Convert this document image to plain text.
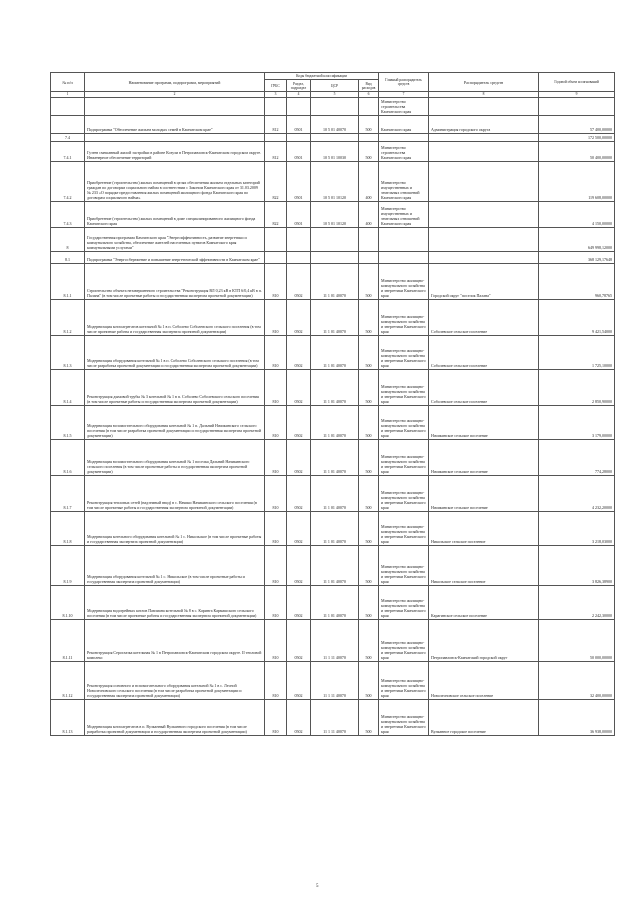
№ п/п	Наименование программ, подпрограмм, мероприятий	Коды бюджетной классификации				Главный распорядитель средств	Распорядитель средств	Годовой объем ассигнований
		ГРБС	Раздел, подраздел	ЦСР	Вид расходов			
1	2	3	4	5	6	7	8	9
						Министерство строительства Камчатского края		
	Подпрограмма "Обеспечение жильем молодых семей в Камчатском крае"	812	0501	10 5 01 40070	500	Камчатского края	Администрация городского округа	57 400,00000
7.4								172 500,00000
7.4.1	Гузеев смешанный жилой застройки в районе Козули в Петропавловск-Камчатском городском округе. Инженерное обеспечение территорий	812	0501	10 5 01 10030	500	Министерство строительства Камчатского края		50 400,00000
7.4.2	Приобретение (строительство) жилых помещений в целях обеспечения жильем отдельных категорий граждан по договорам социального найма в соответствии с Законом Камчатского края от 31.03.2009 № 233 «О порядке предоставления жилых помещений жилищного фонда Камчатского края по договорам социального найма»	822	0501	10 5 01 10120	400	Министерство имущественных и земельных отношений Камчатского края		119 608,00000
7.4.3	Приобретение (строительство) жилых помещений в доме специализированного жилищного фонда Камчатского края	822	0501	10 5 01 10120	400	Министерство имущественных и земельных отношений Камчатского края		4 150,00000
8	Государственная программа Камчатского края "Энергоэффективность, развитие энергетики и коммунального хозяйства, обеспечение жителей населенных пунктов Камчатского края коммунальными услугами"							649 998,12000
8.1	Подпрограмма "Энергосбережение и повышение энергетической эффективности в Камчатском крае"							368 129,17648
8.1.1	Строительство объекта незавершенного строительства "Реконструкция ВЛ 0,23 кВ в КТП 6/0,4 кВ в п. Палана" (в том числе проектные работы и государственная экспертиза проектной документации)	810	0502	11 1 01 40070	500	Министерство жилищно-коммунального хозяйства и энергетики Камчатского края	Городской округ "поселок Палана"	960,78765
8.1.2	Модернизация котлоагрегатов котельной № 1 в п. Соболево Соболевского сельского поселения (в том числе проектные работы и государственная экспертиза проектной документации)	810	0502	11 1 01 40070	500	Министерство жилищно-коммунального хозяйства и энергетики Камчатского края	Соболевское сельское поселение	9 421,54000
8.1.3	Модернизация оборудования котельной № 1 в п. Соболево Соболевского сельского поселения (в том числе разработка проектной документации и государственная экспертиза проектной документации)	810	0502	11 1 01 40070	500	Министерство жилищно-коммунального хозяйства и энергетики Камчатского края	Соболевское сельское поселение	1 725,10000
8.1.4	Реконструкция дымовой трубы № 3 котельной № 1 в п. Соболево Соболевского сельского поселения (в том числе проектные работы и государственная экспертиза проектной документации)	810	0502	11 1 01 40070	500	Министерство жилищно-коммунального хозяйства и энергетики Камчатского края	Соболевское сельское поселение	2 850,90000
8.1.5	Модернизация вспомогательного оборудования котельной № 1 п. Дальний Начикинского сельского поселения (в том числе разработка проектной документации и государственная экспертиза проектной документации)	810	0502	11 1 01 40070	500	Министерство жилищно-коммунального хозяйства и энергетики Камчатского края	Начикинское сельское поселение	3 179,00000
8.1.6	Модернизация вспомогательного оборудования котельной № 1 поселка Дальний Начикинского сельского поселения (в том числе проектные работы и государственная экспертиза проектной документации)	810	0502	11 1 01 40070	500	Министерство жилищно-коммунального хозяйства и энергетики Камчатского края	Начикинское сельское поселение	774,28000
8.1.7	Реконструкция тепловых сетей (надземный ввод) в с. Начики Начикинского сельского поселения (в том числе проектные работы и государственная экспертиза проектной документации)	810	0502	11 1 01 40070	500	Министерство жилищно-коммунального хозяйства и энергетики Камчатского края	Начикинское сельское поселение	4 232,20000
8.1.8	Модернизация котельного оборудования котельной № 1 с. Никольское (в том числе проектные работы и государственная экспертиза проектной документации)	810	0502	11 1 01 40070	500	Министерство жилищно-коммунального хозяйства и энергетики Камчатского края	Никольское сельское поселение	3 218,03000
8.1.9	Модернизация оборудования котельной № 1 с. Никольское (в том числе проектные работы и государственная экспертиза проектной документации)	810	0502	11 1 01 40070	500	Министерство жилищно-коммунального хозяйства и энергетики Камчатского края	Никольское сельское поселение	3 826,38900
8.1.10	Модернизация водогрейных котлов Павлиана котельной № 8 в с. Каринга Кармашского сельского поселения (в том числе проектные работы и государственная экспертиза проектной документации)	810	0502	11 1 01 40070	500	Министерство жилищно-коммунального хозяйства и энергетики Камчатского края	Карагинское сельское поселение	2 242,30000
8.1.11	Реконструкция Сероглазка котельная № 1 в Петропавловск-Камчатском городском округе. II тепловой комплекс	810	0502	11 1 11 40070	500	Министерство жилищно-коммунального хозяйства и энергетики Камчатского края	Петропавловск-Камчатский городской округ	50 000,00000
8.1.12	Реконструкция основного и вспомогательного оборудования котельной № 1 в с. Лесной Новолесновского сельского поселения (в том числе разработка проектной документации и государственная экспертиза проектной документации)	810	0502	11 1 11 40070	500	Министерство жилищно-коммунального хозяйства и энергетики Камчатского края	Новолесновское сельское поселение	32 400,00000
8.1.13	Модернизация котлоагрегатов в п. Вулканный Вулканного городского поселения (в том числе разработка проектной документации и государственная экспертиза проектной документации)	810	0502	11 1 11 40070	500	Министерство жилищно-коммунального хозяйства и энергетики Камчатского края	Вулканное городское поселение	36 938,00000
5
